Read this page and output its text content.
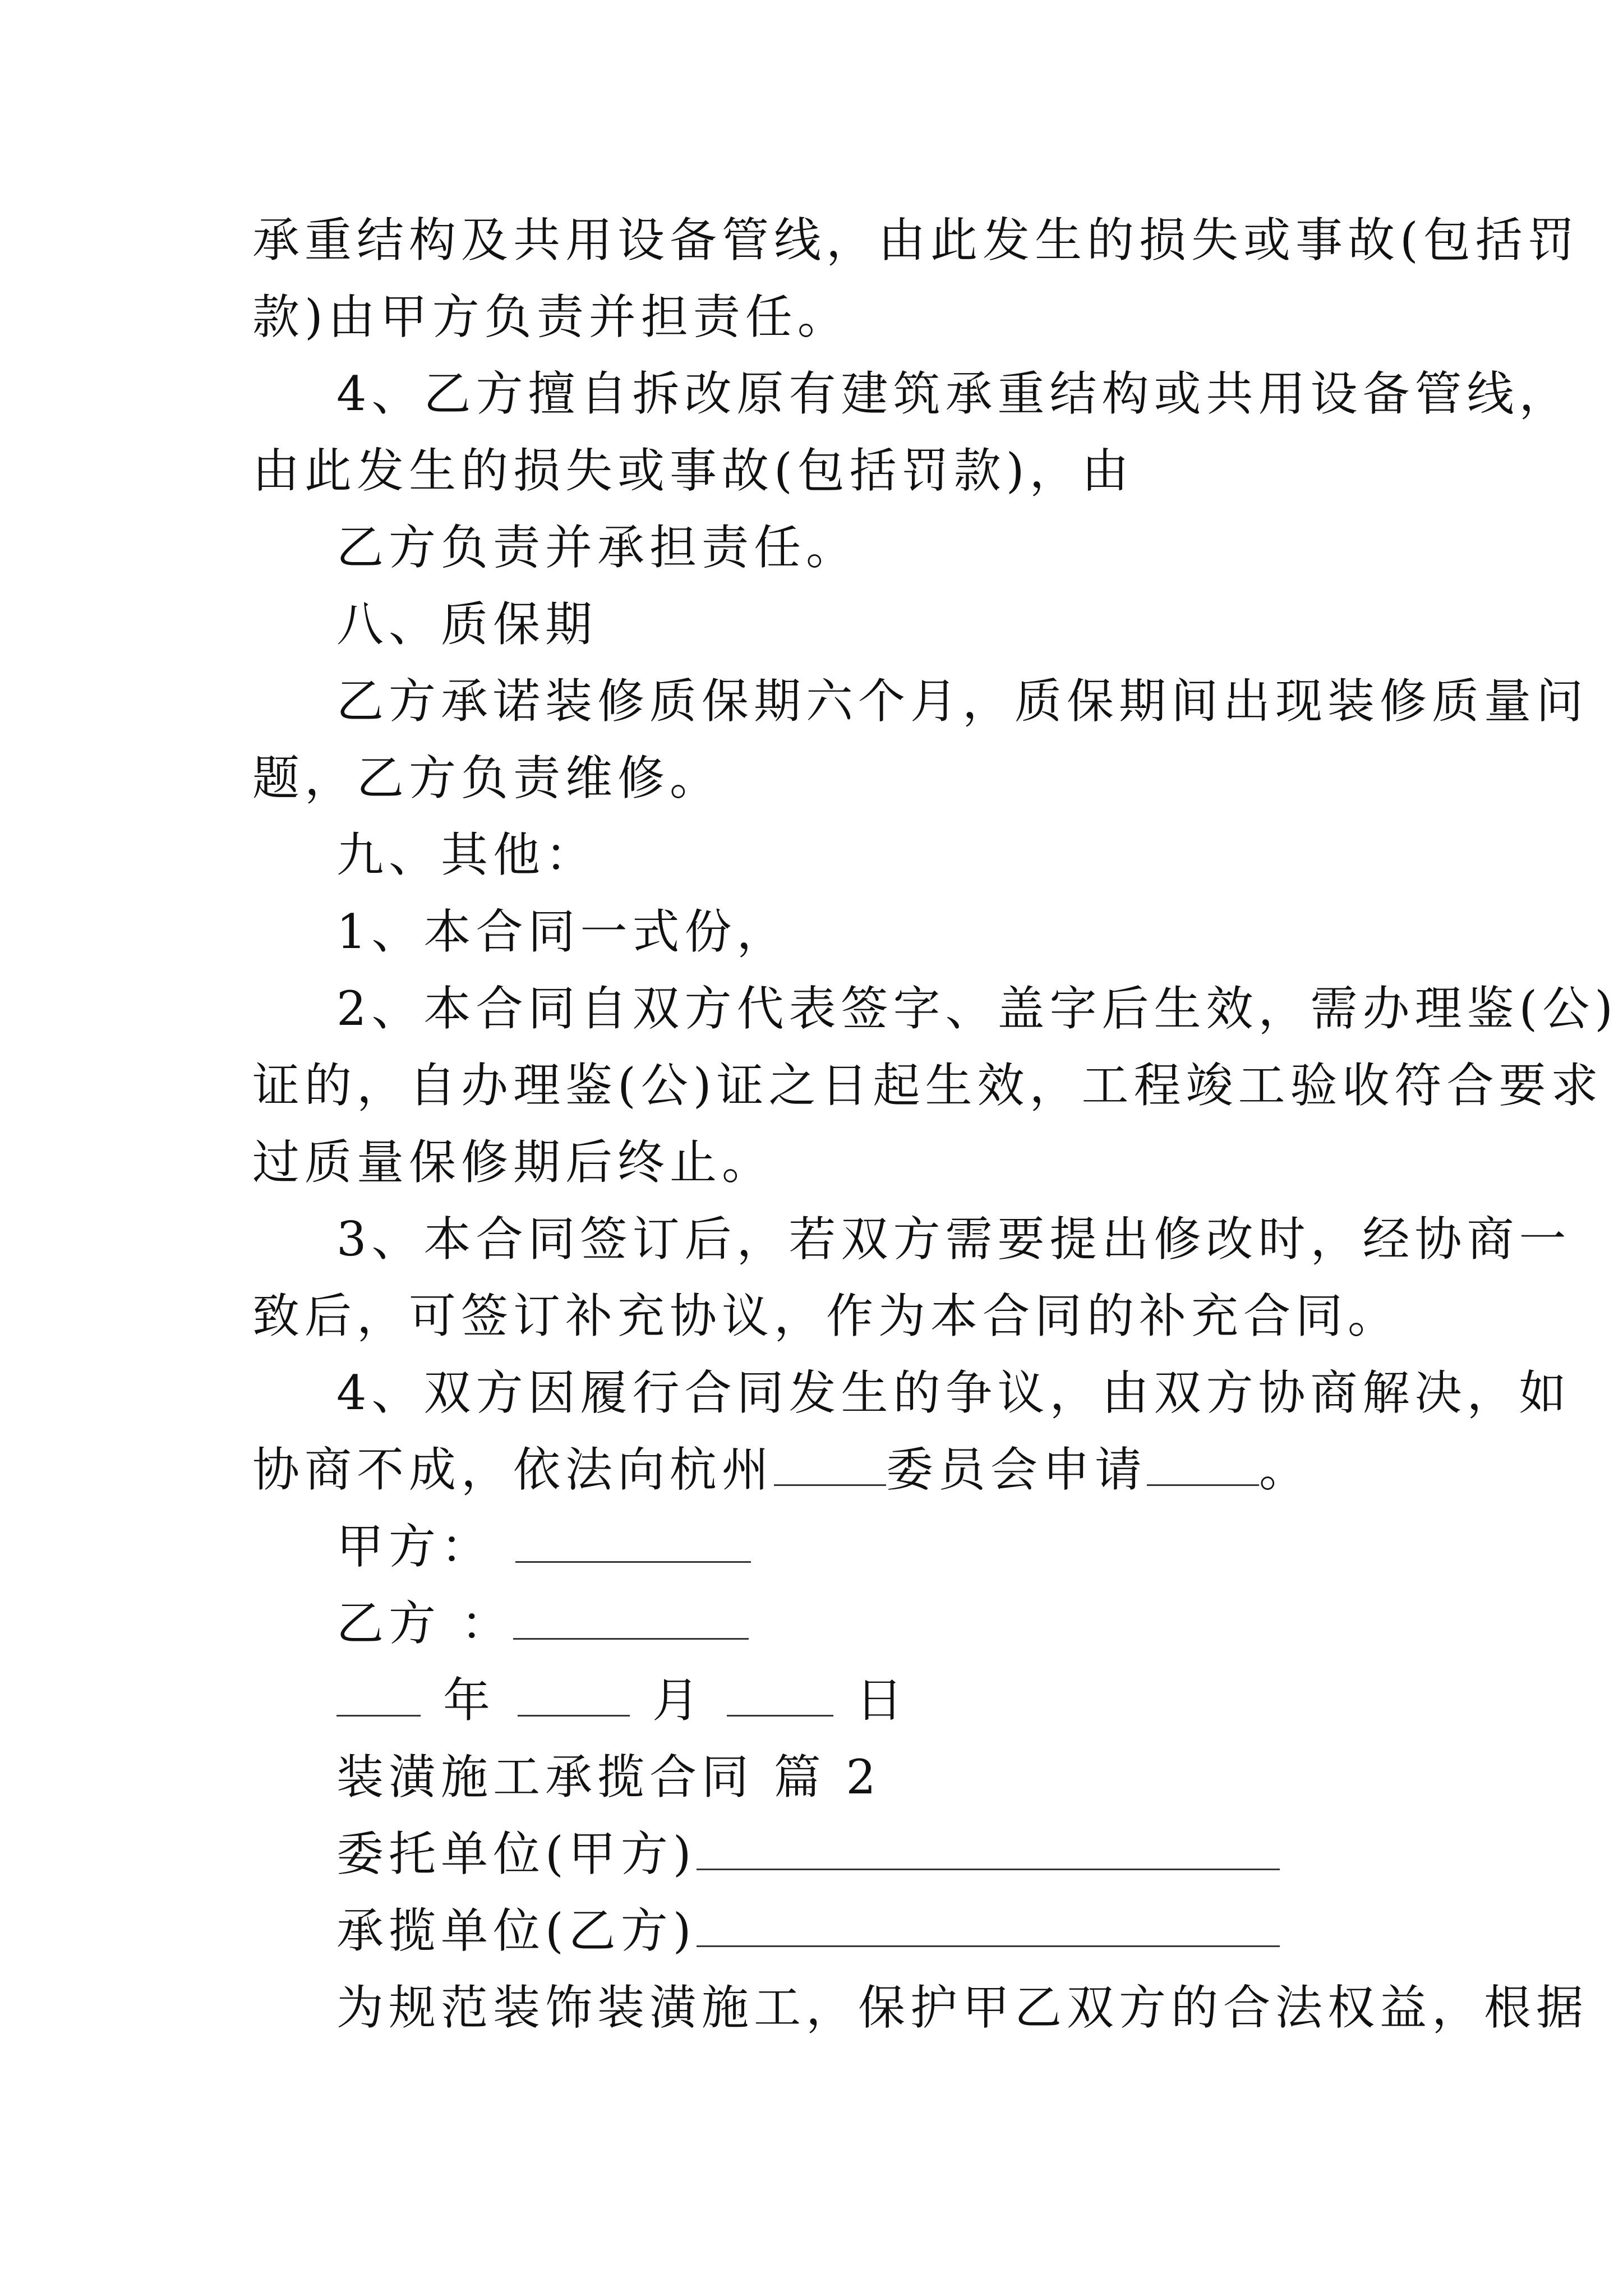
承重结构及共用设备管线，由此发生的损失或事故(包括罚
款)由甲方负责并担责任。
4、乙方擅自拆改原有建筑承重结构或共用设备管线，
由此发生的损失或事故(包括罚款)，由
乙方负责并承担责任。
八、质保期
乙方承诺装修质保期六个月，质保期间出现装修质量问
题，乙方负责维修。
九、其他：
1、本合同一式份，
2、本合同自双方代表签字、盖字后生效，需办理鉴(公)
证的，自办理鉴(公)证之日起生效，工程竣工验收符合要求
过质量保修期后终止。
3、本合同签订后，若双方需要提出修改时，经协商一
致后，可签订补充协议，作为本合同的补充合同。
4、双方因履行合同发生的争议，由双方协商解决，如
协商不成，依法向杭州 委员会申请 。
甲方：
乙方 ：
年	月	日
装潢施工承揽合同 篇 2
委托单位(甲方)
承揽单位(乙方)
为规范装饰装潢施工，保护甲乙双方的合法权益，根据
